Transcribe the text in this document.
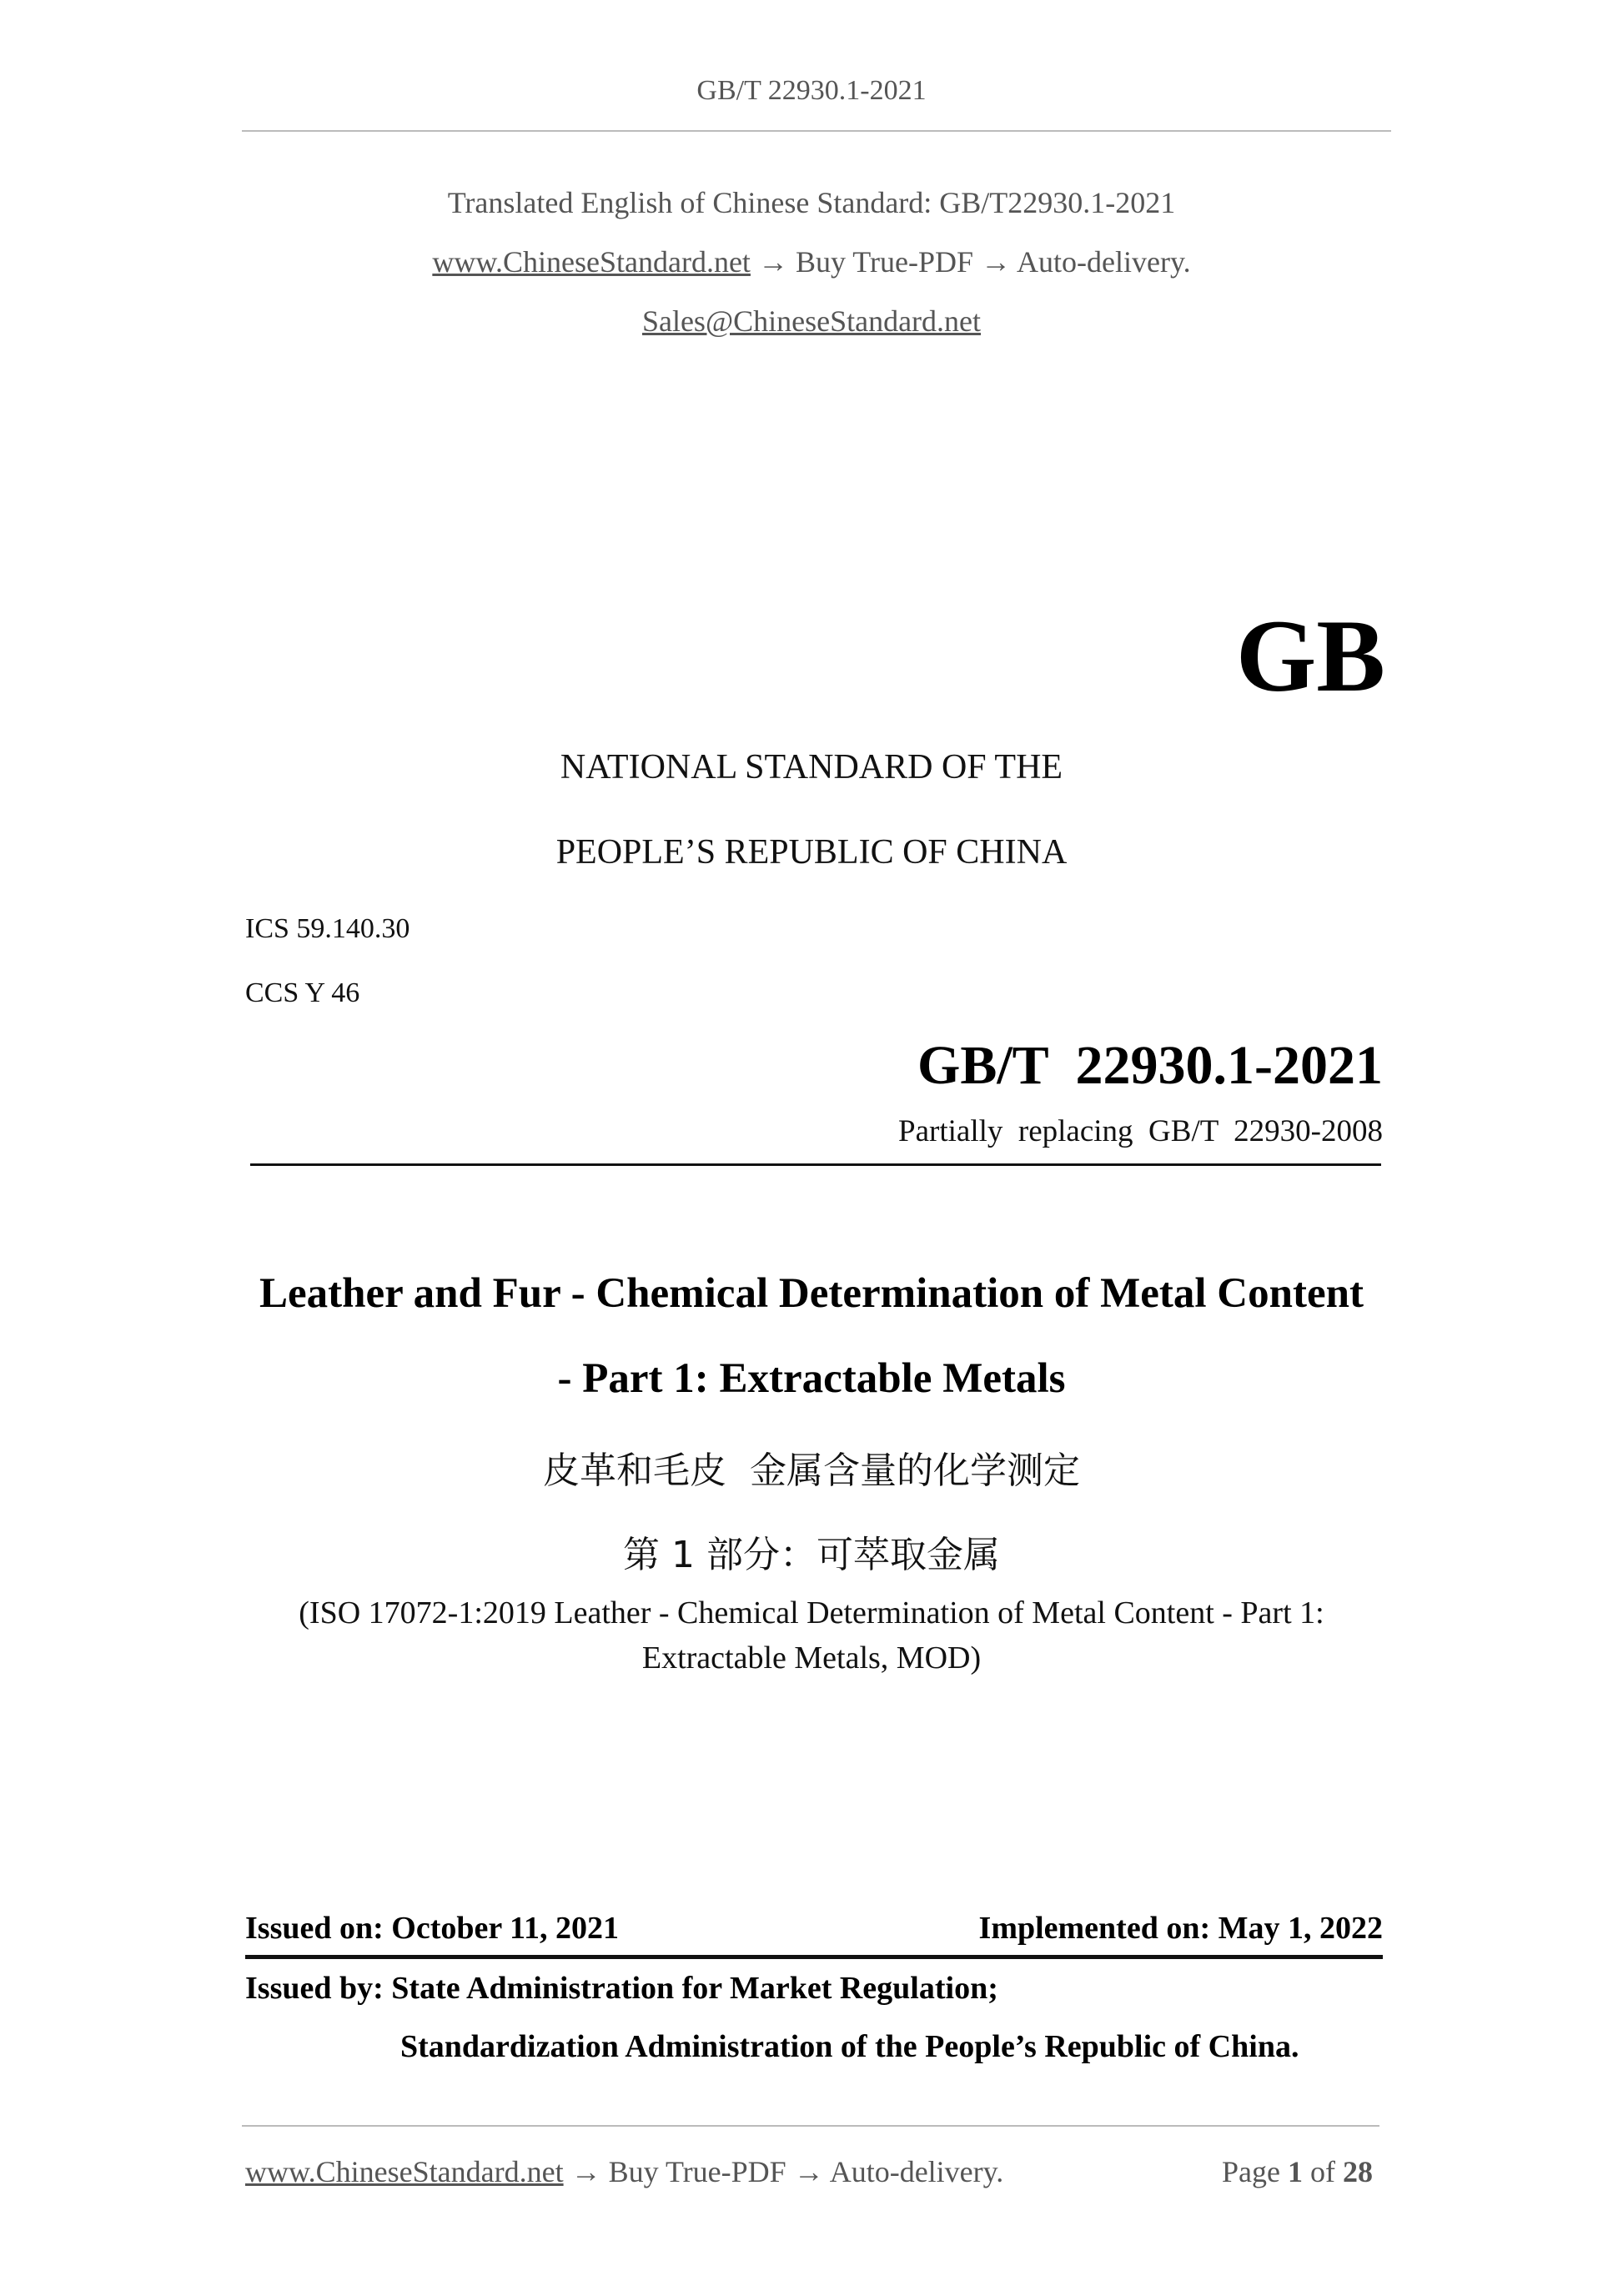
GB/T 22930.1-2021
Translated English of Chinese Standard: GB/T22930.1-2021
www.ChineseStandard.net → Buy True-PDF → Auto-delivery.
Sales@ChineseStandard.net
GB
NATIONAL STANDARD OF THE
PEOPLE’S REPUBLIC OF CHINA
ICS 59.140.30
CCS Y 46
GB/T  22930.1-2021
Partially  replacing  GB/T  22930-2008
Leather and Fur - Chemical Determination of Metal Content
- Part 1: Extractable Metals
皮革和毛皮  金属含量的化学测定
第 1 部分：可萃取金属
(ISO 17072-1:2019 Leather - Chemical Determination of Metal Content - Part 1:
Extractable Metals, MOD)
Issued on: October 11, 2021	Implemented on: May 1, 2022
Issued by: State Administration for Market Regulation;
Standardization Administration of the People’s Republic of China.
www.ChineseStandard.net → Buy True-PDF → Auto-delivery.	Page 1 of 28
